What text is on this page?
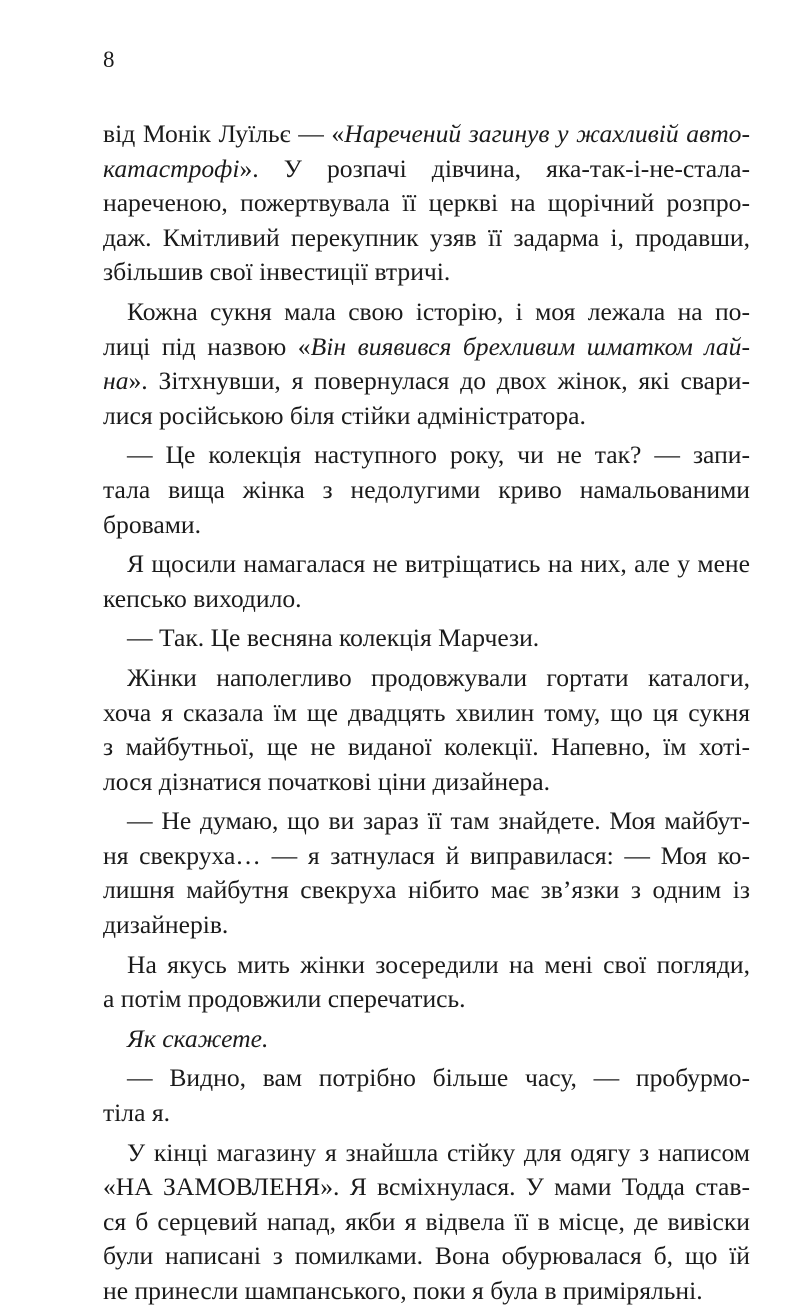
8
від Монік Луїльє — «Наречений загинув у жахливій авто-
катастрофі». У розпачі дівчина, яка-так-і-не-стала-
нареченою, пожертвувала її церкві на щорічний розпро-
даж. Кмітливий перекупник узяв її задарма і, продавши,
збільшив свої інвестиції втричі.
Кожна сукня мала свою історію, і моя лежала на по-
лиці під назвою «Він виявився брехливим шматком лай-
на». Зітхнувши, я повернулася до двох жінок, які свари-
лися російською біля стійки адміністратора.
— Це колекція наступного року, чи не так? — запи-
тала вища жінка з недолугими криво намальованими
бровами.
Я щосили намагалася не витріщатись на них, але у мене
кепсько виходило.
— Так. Це весняна колекція Марчези.
Жінки наполегливо продовжували гортати каталоги,
хоча я сказала їм ще двадцять хвилин тому, що ця сукня
з майбутньої, ще не виданої колекції. Напевно, їм хоті-
лося дізнатися початкові ціни дизайнера.
— Не думаю, що ви зараз її там знайдете. Моя майбут-
ня свекруха… — я затнулася й виправилася: — Моя ко-
лишня майбутня свекруха нібито має зв’язки з одним із
дизайнерів.
На якусь мить жінки зосередили на мені свої погляди,
а потім продовжили сперечатись.
Як скажете.
— Видно, вам потрібно більше часу, — пробурмо-
тіла я.
У кінці магазину я знайшла стійку для одягу з написом
«НА ЗАМОВЛЕНЯ». Я всміхнулася. У мами Тодда став-
ся б серцевий напад, якби я відвела її в місце, де вивіски
були написані з помилками. Вона обурювалася б, що їй
не принесли шампанського, поки я була в приміряльні.
